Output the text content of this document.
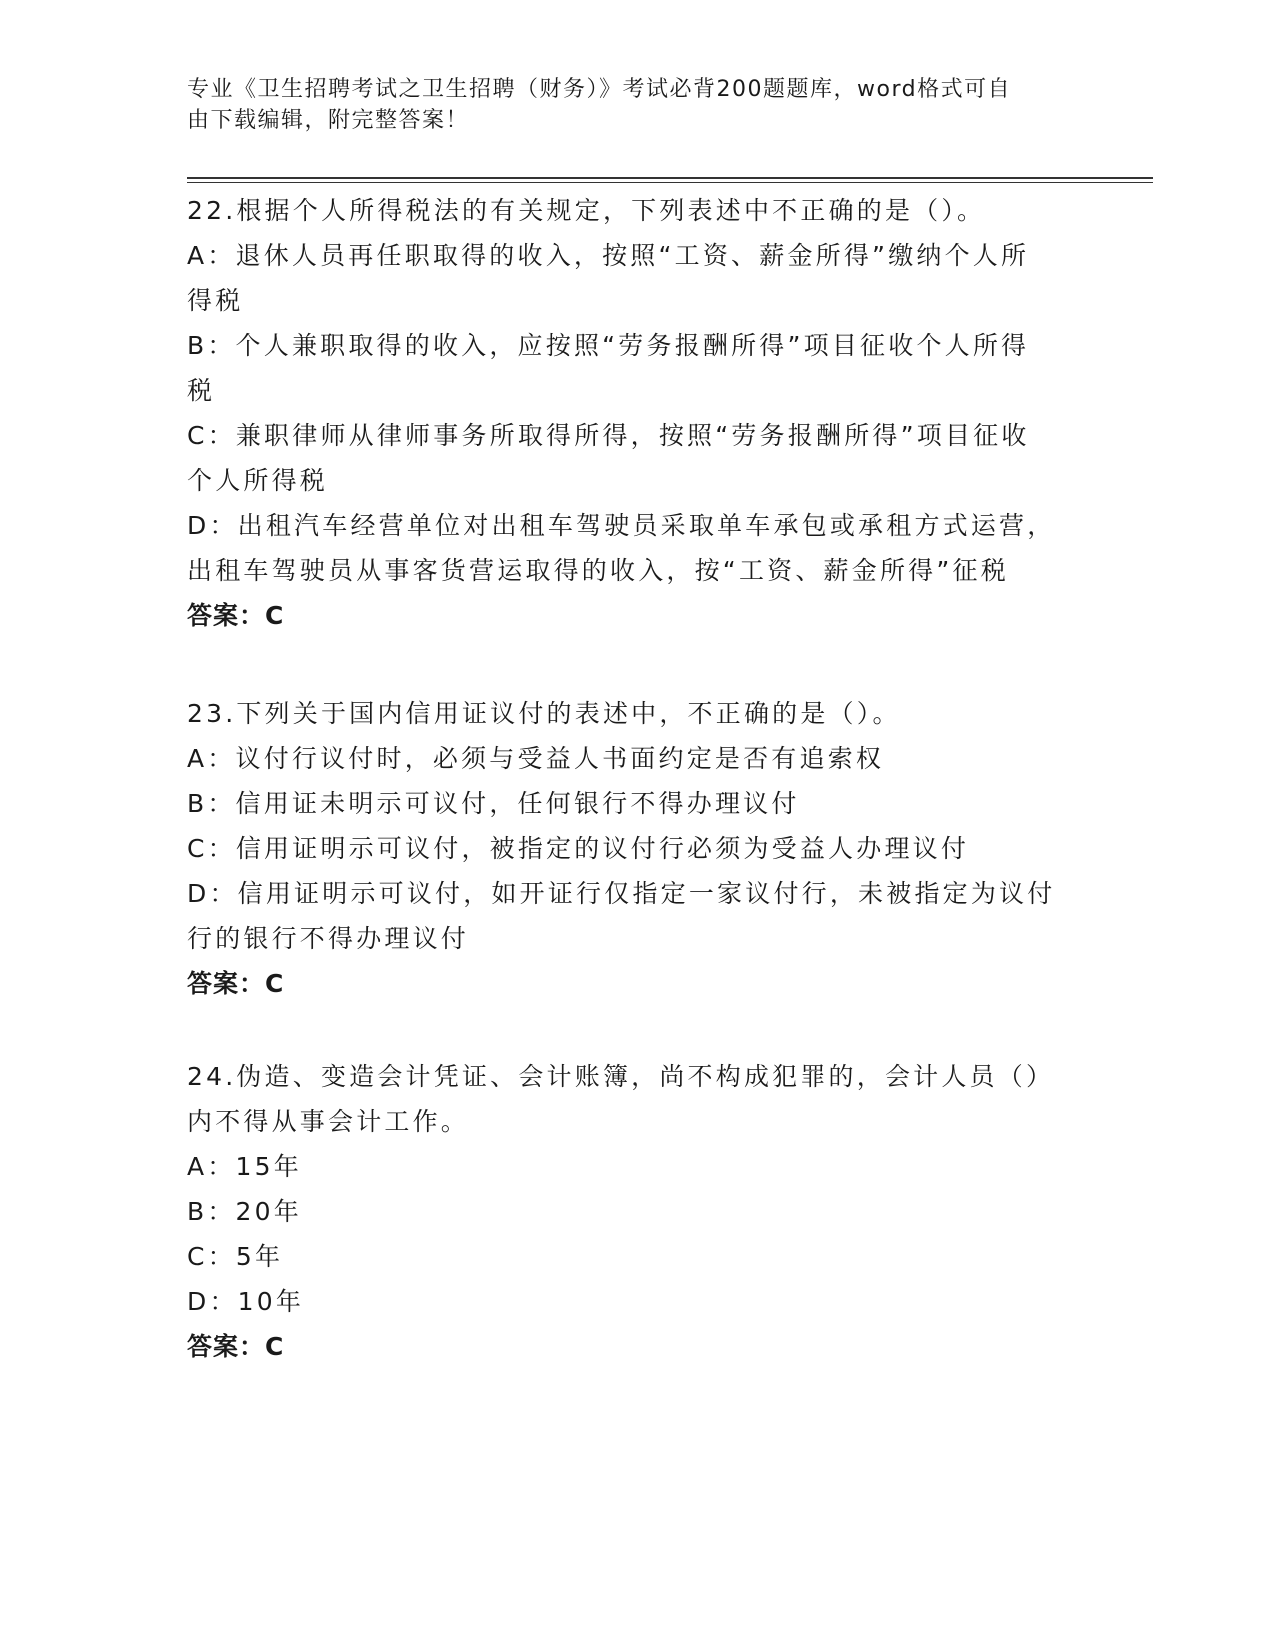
专业《卫生招聘考试之卫生招聘（财务）》考试必背200题题库，word格式可自
由下载编辑，附完整答案！
22.根据个人所得税法的有关规定，下列表述中不正确的是（）。
A：退休人员再任职取得的收入，按照“工资、薪金所得”缴纳个人所
得税
B：个人兼职取得的收入，应按照“劳务报酬所得”项目征收个人所得
税
C：兼职律师从律师事务所取得所得，按照“劳务报酬所得”项目征收
个人所得税
D：出租汽车经营单位对出租车驾驶员采取单车承包或承租方式运营，
出租车驾驶员从事客货营运取得的收入，按“工资、薪金所得”征税
答案：C
23.下列关于国内信用证议付的表述中，不正确的是（）。
A：议付行议付时，必须与受益人书面约定是否有追索权
B：信用证未明示可议付，任何银行不得办理议付
C：信用证明示可议付，被指定的议付行必须为受益人办理议付
D：信用证明示可议付，如开证行仅指定一家议付行，未被指定为议付
行的银行不得办理议付
答案：C
24.伪造、变造会计凭证、会计账簿，尚不构成犯罪的，会计人员（）
内不得从事会计工作。
A：15年
B：20年
C：5年
D：10年
答案：C
